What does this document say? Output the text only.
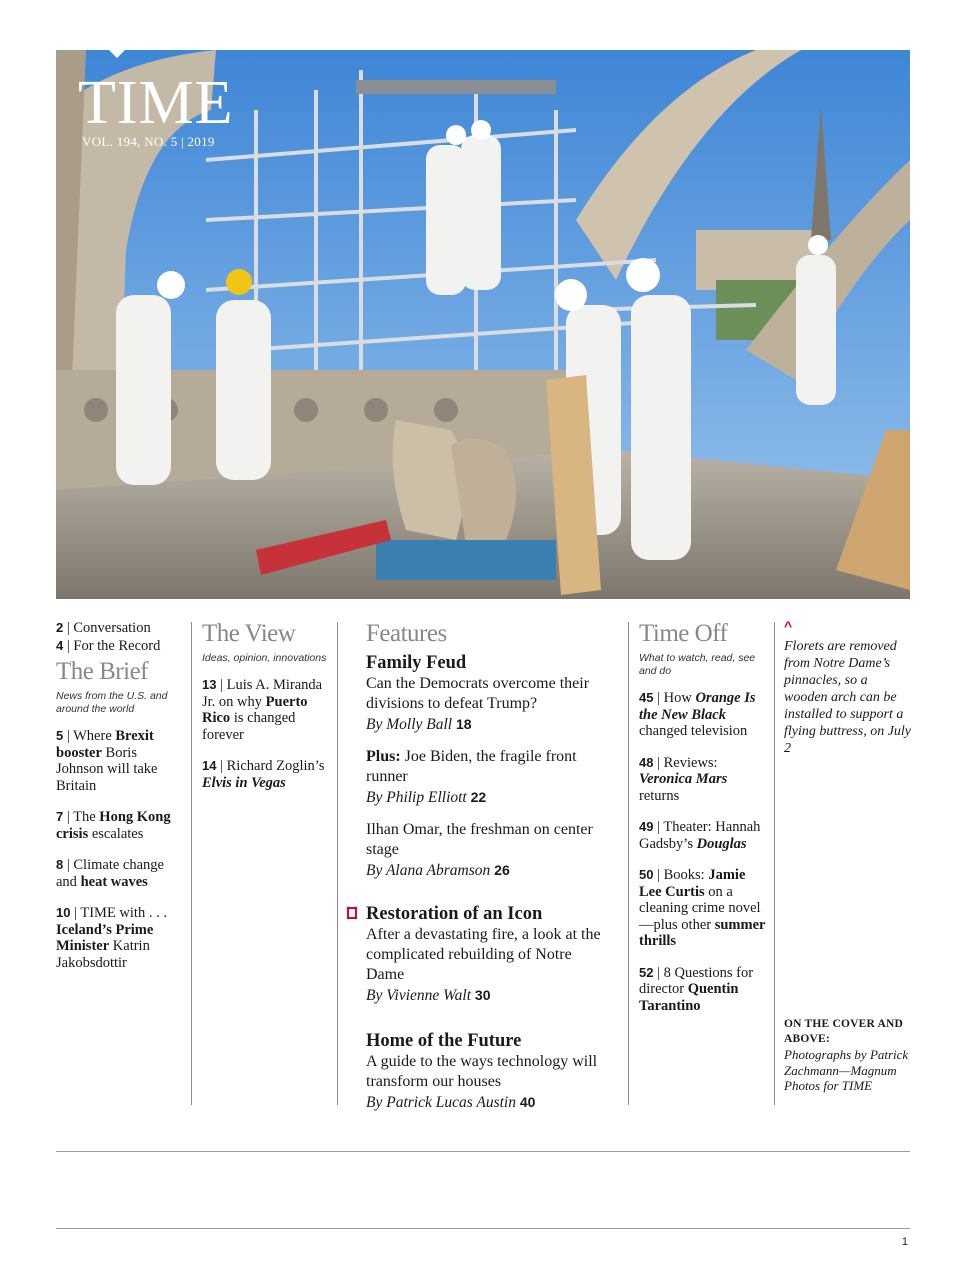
TIME
VOL. 194, NO. 5 | 2019
2 | Conversation
4 | For the Record
The Brief
News from the U.S. and around the world
5 | Where Brexit booster Boris Johnson will take Britain
7 | The Hong Kong crisis escalates
8 | Climate change and heat waves
10 | TIME with . . . Iceland’s Prime Minister Katrin Jakobsdottir
The View
Ideas, opinion, innovations
13 | Luis A. Miranda Jr. on why Puerto Rico is changed forever
14 | Richard Zoglin’s Elvis in Vegas
Features
Family Feud
Can the Democrats overcome their divisions to defeat Trump?
By Molly Ball 18
Plus: Joe Biden, the fragile front runner
By Philip Elliott 22
Ilhan Omar, the freshman on center stage
By Alana Abramson 26
Restoration of an Icon
After a devastating fire, a look at the complicated rebuilding of Notre Dame
By Vivienne Walt 30
Home of the Future
A guide to the ways technology will transform our houses
By Patrick Lucas Austin 40
Time Off
What to watch, read, see and do
45 | How Orange Is the New Black changed television
48 | Reviews: Veronica Mars returns
49 | Theater: Hannah Gadsby’s Douglas
50 | Books: Jamie Lee Curtis on a cleaning crime novel—plus other summer thrills
52 | 8 Questions for director Quentin Tarantino
^
Florets are removed from Notre Dame’s pinnacles, so a wooden arch can be installed to support a flying buttress, on July 2
ON THE COVER AND ABOVE:
Photographs by Patrick Zachmann—Magnum Photos for TIME
1
